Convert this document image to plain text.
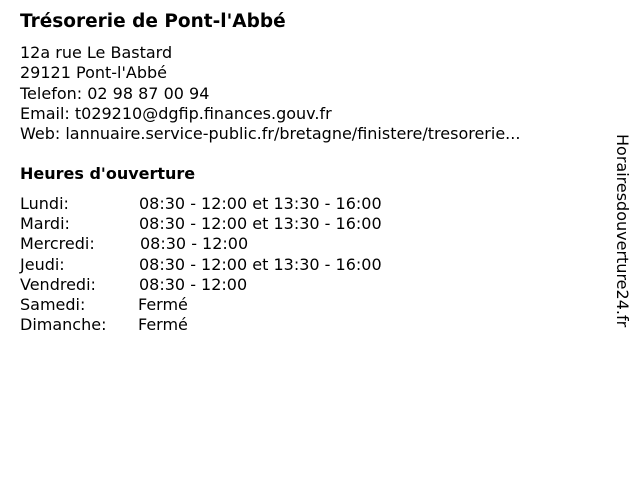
Trésorerie de Pont-l'Abbé
12a rue Le Bastard
29121 Pont-l'Abbé
Telefon: 02 98 87 00 94
Email: t029210@dgfip.finances.gouv.fr
Web: lannuaire.service-public.fr/bretagne/finistere/tresorerie...
Heures d'ouverture
Lundi:	08:30 - 12:00 et 13:30 - 16:00
Mardi:	08:30 - 12:00 et 13:30 - 16:00
Mercredi:	08:30 - 12:00
Jeudi:	08:30 - 12:00 et 13:30 - 16:00
Vendredi:	08:30 - 12:00
Samedi:	Fermé
Dimanche: Fermé	Horairesdouverture24.fr
